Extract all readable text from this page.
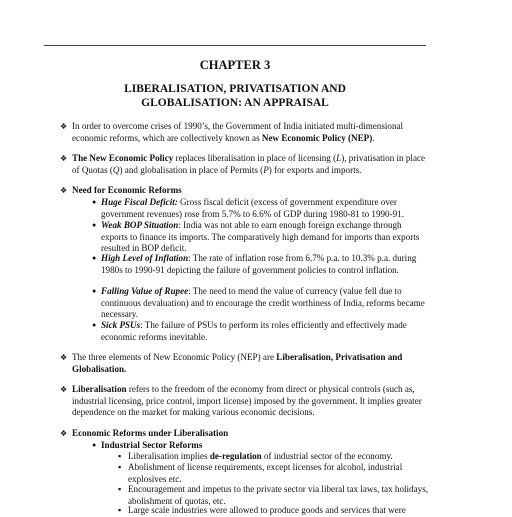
CHAPTER 3
LIBERALISATION, PRIVATISATION AND
GLOBALISATION: AN APPRAISAL
❖ In order to overcome crises of 1990’s, the Government of India initiated multi-dimensional economic reforms, which are collectively known as New Economic Policy (NEP).
❖ The New Economic Policy replaces liberalisation in place of licensing (L), privatisation in place of Quotas (Q) and globalisation in place of Permits (P) for exports and imports.
❖ Need for Economic Reforms
● Huge Fiscal Deficit: Gross fiscal deficit (excess of government expenditure over government revenues) rose from 5.7% to 6.6% of GDP during 1980-81 to 1990-91.
● Weak BOP Situation: India was not able to earn enough foreign exchange through exports to finance its imports. The comparatively high demand for imports than exports resulted in BOP deficit.
● High Level of Inflation: The rate of inflation rose from 6.7% p.a. to 10.3% p.a. during 1980s to 1990-91 depicting the failure of government policies to control inflation.
● Falling Value of Rupee: The need to mend the value of currency (value fell due to continuous devaluation) and to encourage the credit worthiness of India, reforms became necessary.
● Sick PSUs: The failure of PSUs to perform its roles efficiently and effectively made economic reforms inevitable.
❖ The three elements of New Economic Policy (NEP) are Liberalisation, Privatisation and Globalisation.
❖ Liberalisation refers to the freedom of the economy from direct or physical controls (such as, industrial licensing, price control, import license) imposed by the government. It implies greater dependence on the market for making various economic decisions.
❖ Economic Reforms under Liberalisation
● Industrial Sector Reforms
▪ Liberalisation implies de-regulation of industrial sector of the economy.
▪ Abolishment of license requirements, except licenses for alcohol, industrial explosives etc.
▪ Encouragement and impetus to the private sector via liberal tax laws, tax holidays, abolishment of quotas, etc.
▪ Large scale industries were allowed to produce goods and services that were
